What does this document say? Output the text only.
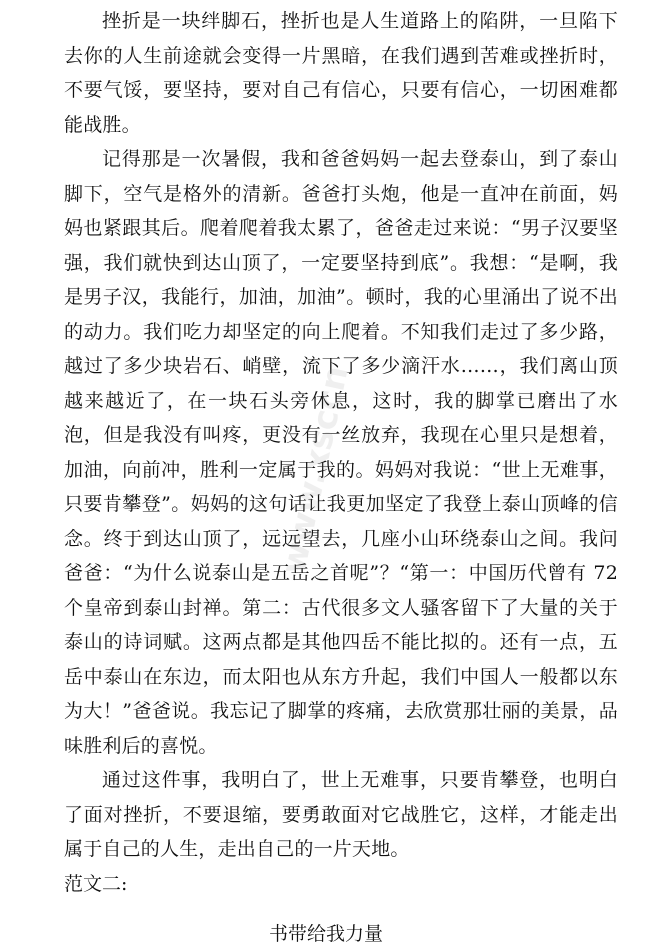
挫折是一块绊脚石，挫折也是人生道路上的陷阱，一旦陷下去你的人生前途就会变得一片黑暗，在我们遇到苦难或挫折时，不要气馁，要坚持，要对自己有信心，只要有信心，一切困难都能战胜。

记得那是一次暑假，我和爸爸妈妈一起去登泰山，到了泰山脚下，空气是格外的清新。爸爸打头炮，他是一直冲在前面，妈妈也紧跟其后。爬着爬着我太累了，爸爸走过来说：“男子汉要坚强，我们就快到达山顶了，一定要坚持到底”。我想：“是啊，我是男子汉，我能行，加油，加油”。顿时，我的心里涌出了说不出的动力。我们吃力却坚定的向上爬着。不知我们走过了多少路，越过了多少块岩石、峭壁，流下了多少滴汗水……，我们离山顶越来越近了，在一块石头旁休息，这时，我的脚掌已磨出了水泡，但是我没有叫疼，更没有一丝放弃，我现在心里只是想着，加油，向前冲，胜利一定属于我的。妈妈对我说：“世上无难事，只要肯攀登”。妈妈的这句话让我更加坚定了我登上泰山顶峰的信念。终于到达山顶了，远远望去，几座小山环绕泰山之间。我问爸爸：“为什么说泰山是五岳之首呢”？“第一：中国历代曾有 72 个皇帝到泰山封禅。第二：古代很多文人骚客留下了大量的关于泰山的诗词赋。这两点都是其他四岳不能比拟的。还有一点，五岳中泰山在东边，而太阳也从东方升起，我们中国人一般都以东为大！”爸爸说。我忘记了脚掌的疼痛，去欣赏那壮丽的美景，品味胜利后的喜悦。

通过这件事，我明白了，世上无难事，只要肯攀登，也明白了面对挫折，不要退缩，要勇敢面对它战胜它，这样，才能走出属于自己的人生，走出自己的一片天地。

范文二:

书带给我力量

www.xsccn
